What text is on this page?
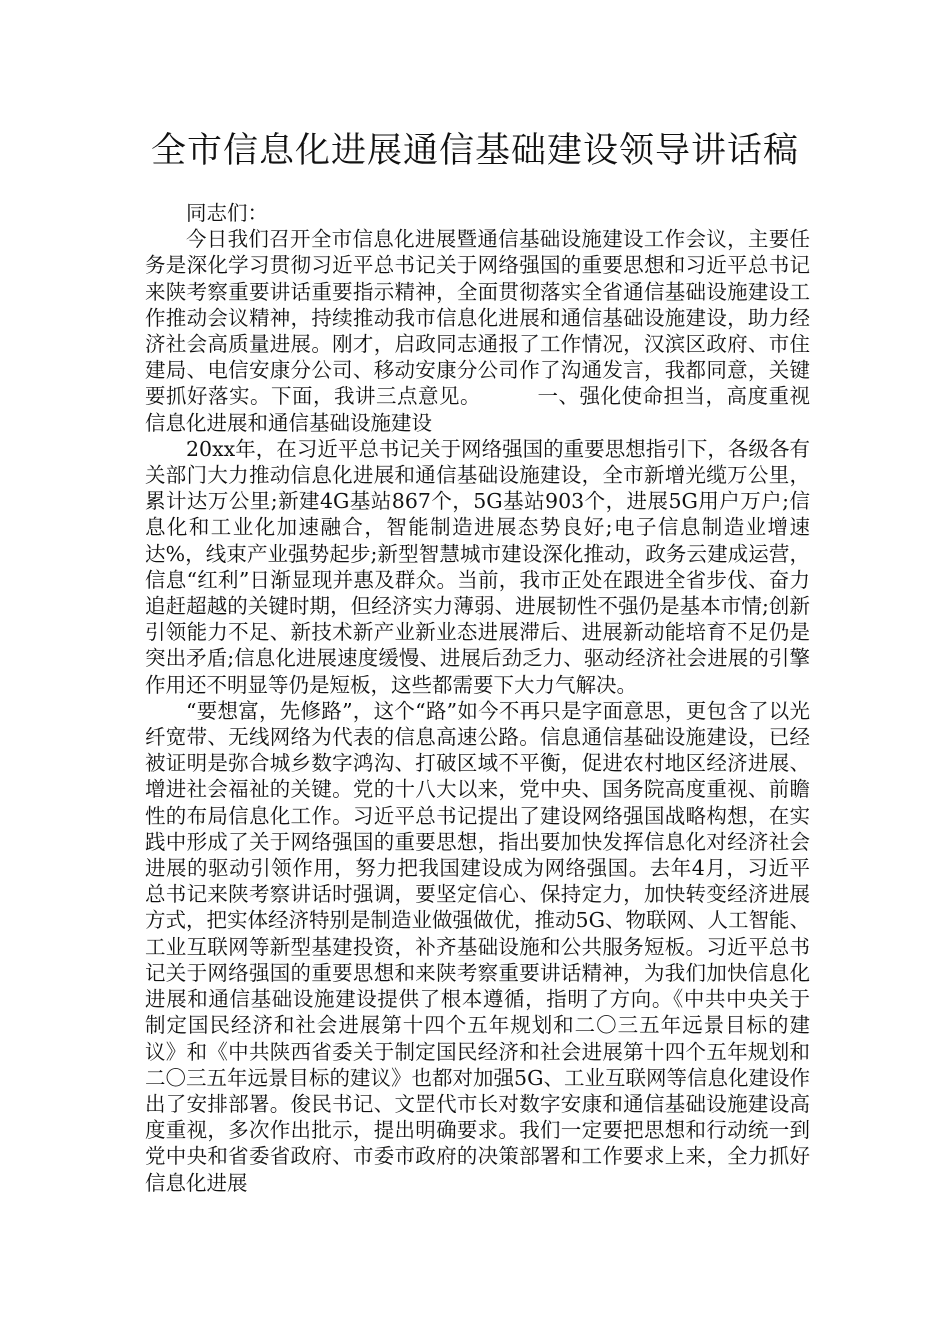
全市信息化进展通信基础建设领导讲话稿

同志们：

今日我们召开全市信息化进展暨通信基础设施建设工作会议，主要任务是深化学习贯彻习近平总书记关于网络强国的重要思想和习近平总书记来陕考察重要讲话重要指示精神，全面贯彻落实全省通信基础设施建设工作推动会议精神，持续推动我市信息化进展和通信基础设施建设，助力经济社会高质量进展。刚才，启政同志通报了工作情况，汉滨区政府、市住建局、电信安康分公司、移动安康分公司作了沟通发言，我都同意，关键要抓好落实。下面，我讲三点意见。	一、强化使命担当，高度重视信息化进展和通信基础设施建设

20xx年，在习近平总书记关于网络强国的重要思想指引下，各级各有关部门大力推动信息化进展和通信基础设施建设，全市新增光缆万公里，累计达万公里;新建4G基站867个，5G基站903个，进展5G用户万户;信息化和工业化加速融合，智能制造进展态势良好;电子信息制造业增速达%，线束产业强势起步;新型智慧城市建设深化推动，政务云建成运营，信息“红利”日渐显现并惠及群众。当前，我市正处在跟进全省步伐、奋力追赶超越的关键时期，但经济实力薄弱、进展韧性不强仍是基本市情;创新引领能力不足、新技术新产业新业态进展滞后、进展新动能培育不足仍是突出矛盾;信息化进展速度缓慢、进展后劲乏力、驱动经济社会进展的引擎作用还不明显等仍是短板，这些都需要下大力气解决。

“要想富，先修路”，这个“路”如今不再只是字面意思，更包含了以光纤宽带、无线网络为代表的信息高速公路。信息通信基础设施建设，已经被证明是弥合城乡数字鸿沟、打破区域不平衡，促进农村地区经济进展、增进社会福祉的关键。党的十八大以来，党中央、国务院高度重视、前瞻性的布局信息化工作。习近平总书记提出了建设网络强国战略构想，在实践中形成了关于网络强国的重要思想，指出要加快发挥信息化对经济社会进展的驱动引领作用，努力把我国建设成为网络强国。去年4月，习近平总书记来陕考察讲话时强调，要坚定信心、保持定力，加快转变经济进展方式，把实体经济特别是制造业做强做优，推动5G、物联网、人工智能、工业互联网等新型基建投资，补齐基础设施和公共服务短板。习近平总书记关于网络强国的重要思想和来陕考察重要讲话精神，为我们加快信息化进展和通信基础设施建设提供了根本遵循，指明了方向。《中共中央关于制定国民经济和社会进展第十四个五年规划和二〇三五年远景目标的建议》和《中共陕西省委关于制定国民经济和社会进展第十四个五年规划和二〇三五年远景目标的建议》也都对加强5G、工业互联网等信息化建设作出了安排部署。俊民书记、文罡代市长对数字安康和通信基础设施建设高度重视，多次作出批示，提出明确要求。我们一定要把思想和行动统一到党中央和省委省政府、市委市政府的决策部署和工作要求上来，全力抓好信息化进展
